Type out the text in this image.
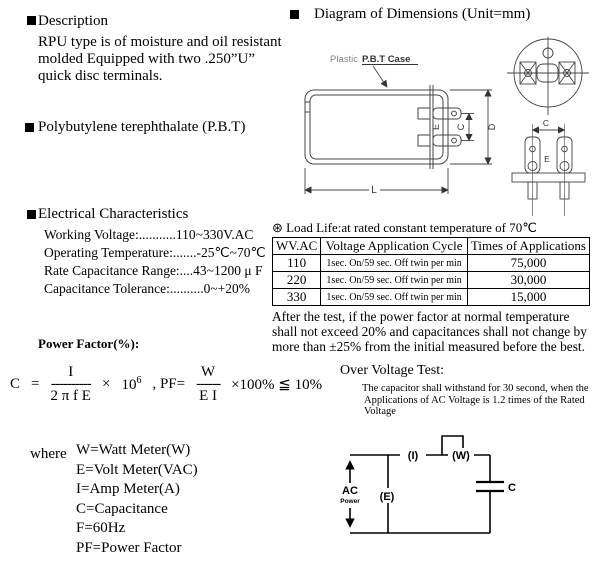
Description
RPU type is of moisture and oil resistant
molded Equipped with two .250”U”
quick disc terminals.
Polybutylene terephthalate (P.B.T)
Diagram of Dimensions (Unit=mm)
L
C
E	D
Plastic P.B.T Case
C
E
Electrical Characteristics
Working Voltage:...........110~330V.AC
Operating Temperature:.......-25℃~70℃
Rate Capacitance Range:....43~1200 μ F
Capacitance Tolerance:..........0~+20%
⊛ Load Life:at rated constant temperature of 70℃
WV.AC	Voltage Application Cycle	Times of Applications
110	1sec. On/59 sec. Off twin per min	75,000
220	1sec. On/59 sec. Off twin per min	30,000
330	1sec. On/59 sec. Off twin per min	15,000
After the test, if the power factor at normal temperature
shall not exceed 20% and capacitances shall not change by
more than ±25% from the initial measured before the best.
Power Factor(%):
C =
I
----------
2 π f E
× $10^6$ , PF=
W
------
E I
×100% ≦ 10%
Over Voltage Test:
The capacitor shall withstand for 30 second, when the
Applications of AC Voltage is 1.2 times of the Rated
Voltage
where W=Watt Meter(W)
E=Volt Meter(VAC)
I=Amp Meter(A)
C=Capacitance
F=60Hz
PF=Power Factor
(I)	(W)
(E)
AC
Power
C
